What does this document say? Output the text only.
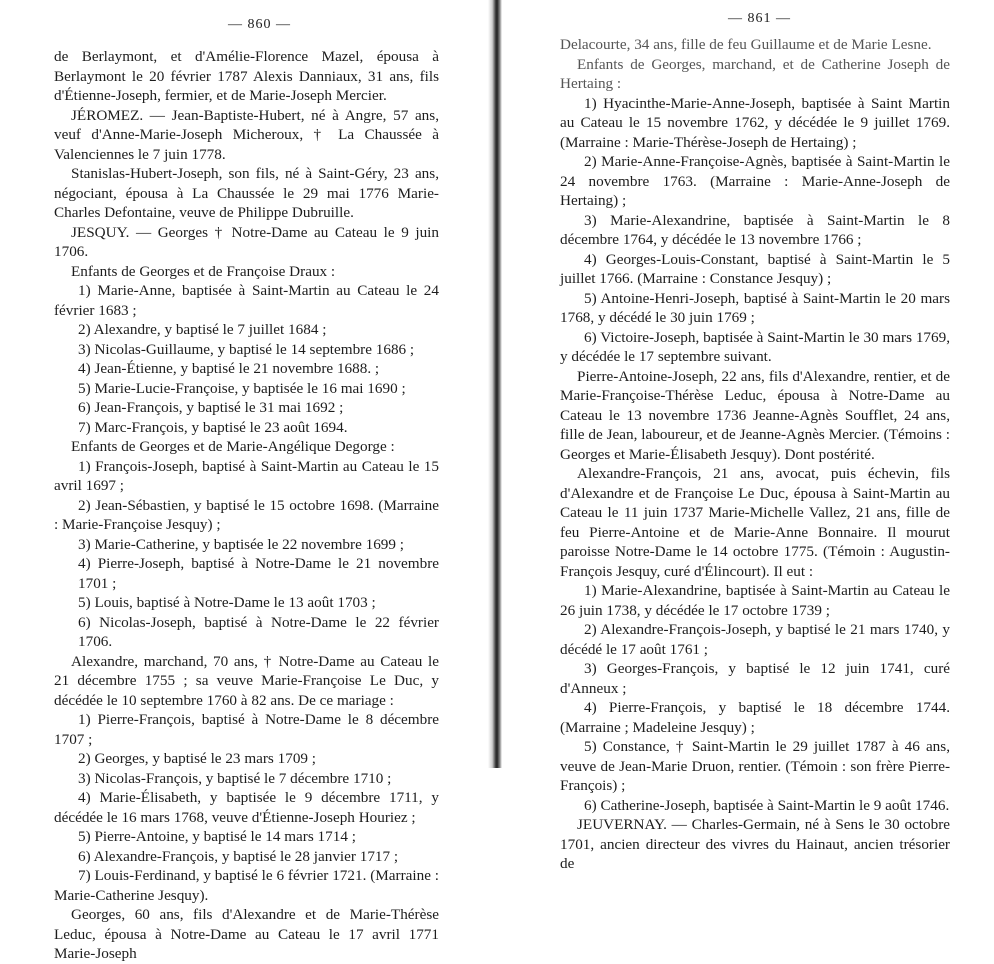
— 860 —

de Berlaymont, et d'Amélie-Florence Mazel, épousa à Berlaymont le 20 février 1787 Alexis Danniaux, 31 ans, fils d'Étienne-Joseph, fermier, et de Marie-Joseph Mercier.

JÉROMEZ. — Jean-Baptiste-Hubert, né à Angre, 57 ans, veuf d'Anne-Marie-Joseph Micheroux, † La Chaussée à Valenciennes le 7 juin 1778.

Stanislas-Hubert-Joseph, son fils, né à Saint-Géry, 23 ans, négociant, épousa à La Chaussée le 29 mai 1776 Marie-Charles Defontaine, veuve de Philippe Dubruille.

JESQUY. — Georges † Notre-Dame au Cateau le 9 juin 1706.

Enfants de Georges et de Françoise Draux :

1) Marie-Anne, baptisée à Saint-Martin au Cateau le 24 février 1683 ;

2) Alexandre, y baptisé le 7 juillet 1684 ;

3) Nicolas-Guillaume, y baptisé le 14 septembre 1686 ;

4) Jean-Étienne, y baptisé le 21 novembre 1688. ;

5) Marie-Lucie-Françoise, y baptisée le 16 mai 1690 ;

6) Jean-François, y baptisé le 31 mai 1692 ;

7) Marc-François, y baptisé le 23 août 1694.

Enfants de Georges et de Marie-Angélique Degorge :

1) François-Joseph, baptisé à Saint-Martin au Cateau le 15 avril 1697 ;

2) Jean-Sébastien, y baptisé le 15 octobre 1698. (Marraine : Marie-Françoise Jesquy) ;

3) Marie-Catherine, y baptisée le 22 novembre 1699 ;

4) Pierre-Joseph, baptisé à Notre-Dame le 21 novembre 1701 ;

5) Louis, baptisé à Notre-Dame le 13 août 1703 ;

6) Nicolas-Joseph, baptisé à Notre-Dame le 22 février 1706.

Alexandre, marchand, 70 ans, † Notre-Dame au Cateau le 21 décembre 1755 ; sa veuve Marie-Françoise Le Duc, y décédée le 10 septembre 1760 à 82 ans. De ce mariage :

1) Pierre-François, baptisé à Notre-Dame le 8 décembre 1707 ;

2) Georges, y baptisé le 23 mars 1709 ;

3) Nicolas-François, y baptisé le 7 décembre 1710 ;

4) Marie-Élisabeth, y baptisée le 9 décembre 1711, y décédée le 16 mars 1768, veuve d'Étienne-Joseph Houriez ;

5) Pierre-Antoine, y baptisé le 14 mars 1714 ;

6) Alexandre-François, y baptisé le 28 janvier 1717 ;

7) Louis-Ferdinand, y baptisé le 6 février 1721. (Marraine : Marie-Catherine Jesquy).

Georges, 60 ans, fils d'Alexandre et de Marie-Thérèse Leduc, épousa à Notre-Dame au Cateau le 17 avril 1771 Marie-Joseph

— 861 —

Delacourte, 34 ans, fille de feu Guillaume et de Marie Lesne.

Enfants de Georges, marchand, et de Catherine Joseph de Hertaing :

1) Hyacinthe-Marie-Anne-Joseph, baptisée à Saint Martin au Cateau le 15 novembre 1762, y décédée le 9 juillet 1769. (Marraine : Marie-Thérèse-Joseph de Hertaing) ;

2) Marie-Anne-Françoise-Agnès, baptisée à Saint-Martin le 24 novembre 1763. (Marraine : Marie-Anne-Joseph de Hertaing) ;

3) Marie-Alexandrine, baptisée à Saint-Martin le 8 décembre 1764, y décédée le 13 novembre 1766 ;

4) Georges-Louis-Constant, baptisé à Saint-Martin le 5 juillet 1766. (Marraine : Constance Jesquy) ;

5) Antoine-Henri-Joseph, baptisé à Saint-Martin le 20 mars 1768, y décédé le 30 juin 1769 ;

6) Victoire-Joseph, baptisée à Saint-Martin le 30 mars 1769, y décédée le 17 septembre suivant.

Pierre-Antoine-Joseph, 22 ans, fils d'Alexandre, rentier, et de Marie-Françoise-Thérèse Leduc, épousa à Notre-Dame au Cateau le 13 novembre 1736 Jeanne-Agnès Soufflet, 24 ans, fille de Jean, laboureur, et de Jeanne-Agnès Mercier. (Témoins : Georges et Marie-Élisabeth Jesquy). Dont postérité.

Alexandre-François, 21 ans, avocat, puis échevin, fils d'Alexandre et de Françoise Le Duc, épousa à Saint-Martin au Cateau le 11 juin 1737 Marie-Michelle Vallez, 21 ans, fille de feu Pierre-Antoine et de Marie-Anne Bonnaire. Il mourut paroisse Notre-Dame le 14 octobre 1775. (Témoin : Augustin-François Jesquy, curé d'Élincourt). Il eut :

1) Marie-Alexandrine, baptisée à Saint-Martin au Cateau le 26 juin 1738, y décédée le 17 octobre 1739 ;

2) Alexandre-François-Joseph, y baptisé le 21 mars 1740, y décédé le 17 août 1761 ;

3) Georges-François, y baptisé le 12 juin 1741, curé d'Anneux ;

4) Pierre-François, y baptisé le 18 décembre 1744. (Marraine ; Madeleine Jesquy) ;

5) Constance, † Saint-Martin le 29 juillet 1787 à 46 ans, veuve de Jean-Marie Druon, rentier. (Témoin : son frère Pierre-François) ;

6) Catherine-Joseph, baptisée à Saint-Martin le 9 août 1746.

JEUVERNAY. — Charles-Germain, né à Sens le 30 octobre 1701, ancien directeur des vivres du Hainaut, ancien trésorier de
